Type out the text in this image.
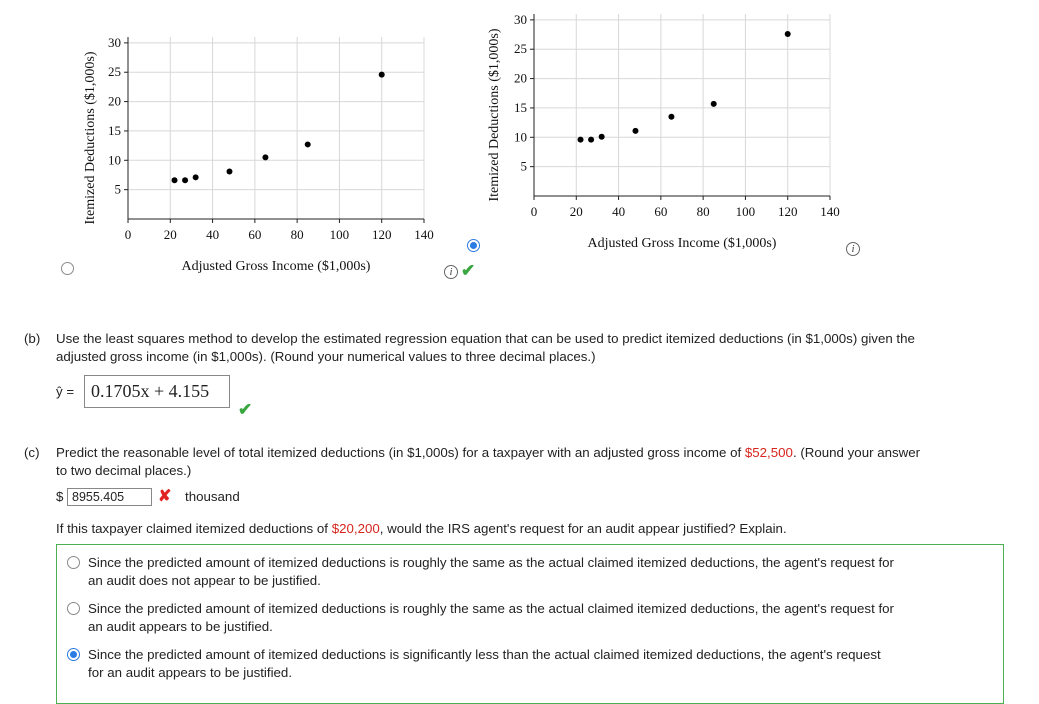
0	20 40 60 80 100 120 140
5
10
15
20
25
30
Adjusted Gross Income ($1,000s)
Itemized Deductions ($1,000s)
i ✔
0	20 40 60 80 100 120 140
5
10
15
20
25
30
Adjusted Gross Income ($1,000s)
Itemized Deductions ($1,000s)
i
(b) Use the least squares method to develop the estimated regression equation that can be used to predict itemized deductions (in $1,000s) given the
adjusted gross income (in $1,000s). (Round your numerical values to three decimal places.)
ŷ = 0.1705x + 4.155
✔
(c) Predict the reasonable level of total itemized deductions (in $1,000s) for a taxpayer with an adjusted gross income of $52,500. (Round your answer
to two decimal places.)
$ 8955.405	✘ thousand
If this taxpayer claimed itemized deductions of $20,200, would the IRS agent's request for an audit appear justified? Explain.
Since the predicted amount of itemized deductions is roughly the same as the actual claimed itemized deductions, the agent's request for
an audit does not appear to be justified.
Since the predicted amount of itemized deductions is roughly the same as the actual claimed itemized deductions, the agent's request for
an audit appears to be justified.
Since the predicted amount of itemized deductions is significantly less than the actual claimed itemized deductions, the agent's request
for an audit appears to be justified.
